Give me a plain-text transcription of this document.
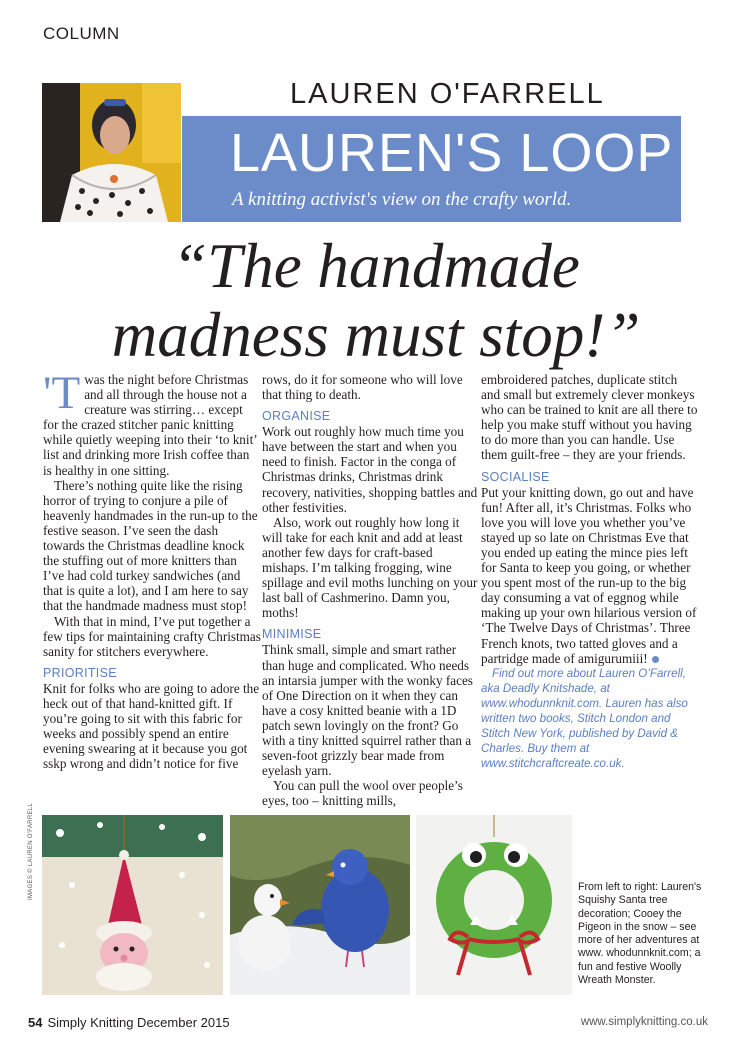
COLUMN
LAUREN O'FARRELL
LAUREN'S LOOP
A knitting activist's view on the crafty world.
“The handmade
madness must stop!”

'Twas the night before Christmas and all through the house not a creature was stirring… except for the crazed stitcher panic knitting while quietly weeping into their ‘to knit’ list and drinking more Irish coffee than is healthy in one sitting.

There’s nothing quite like the rising horror of trying to conjure a pile of heavenly handmades in the run-up to the festive season. I’ve seen the dash towards the Christmas deadline knock the stuffing out of more knitters than I’ve had cold turkey sandwiches (and that is quite a lot), and I am here to say that the handmade madness must stop!

With that in mind, I’ve put together a few tips for maintaining crafty Christmas sanity for stitchers everywhere.

PRIORITISE

Knit for folks who are going to adore the heck out of that hand-knitted gift. If you’re going to sit with this fabric for weeks and possibly spend an entire evening swearing at it because you got sskp wrong and didn’t notice for five

rows, do it for someone who will love that thing to death.

ORGANISE

Work out roughly how much time you have between the start and when you need to finish. Factor in the conga of Christmas drinks, Christmas drink recovery, nativities, shopping battles and other festivities.

Also, work out roughly how long it will take for each knit and add at least another few days for craft-based mishaps. I’m talking frogging, wine spillage and evil moths lunching on your last ball of Cashmerino. Damn you, moths!

MINIMISE

Think small, simple and smart rather than huge and complicated. Who needs an intarsia jumper with the wonky faces of One Direction on it when they can have a cosy knitted beanie with a 1D patch sewn lovingly on the front? Go with a tiny knitted squirrel rather than a seven-foot grizzly bear made from eyelash yarn.

You can pull the wool over people’s eyes, too – knitting mills,

embroidered patches, duplicate stitch and small but extremely clever monkeys who can be trained to knit are all there to help you make stuff without you having to do more than you can handle. Use them guilt-free – they are your friends.

SOCIALISE

Put your knitting down, go out and have fun! After all, it’s Christmas. Folks who love you will love you whether you’ve stayed up so late on Christmas Eve that you ended up eating the mince pies left for Santa to keep you going, or whether you spent most of the run-up to the big day consuming a vat of eggnog while making up your own hilarious version of ‘The Twelve Days of Christmas’. Three French knots, two tatted gloves and a partridge made of amigurumiii!

Find out more about Lauren O’Farrell, aka Deadly Knitshade, at www.whodunnknit.com. Lauren has also written two books, Stitch London and Stitch New York, published by David & Charles. Buy them at www.stitchcraftcreate.co.uk.

IMAGES © LAUREN O'FARRELL	From left to right: Lauren's Squishy Santa tree decoration; Cooey the Pigeon in the snow – see more of her adventures at www. whodunnknit.com; a fun and festive Woolly Wreath Monster.
54 Simply Knitting December 2015	www.simplyknitting.co.uk
